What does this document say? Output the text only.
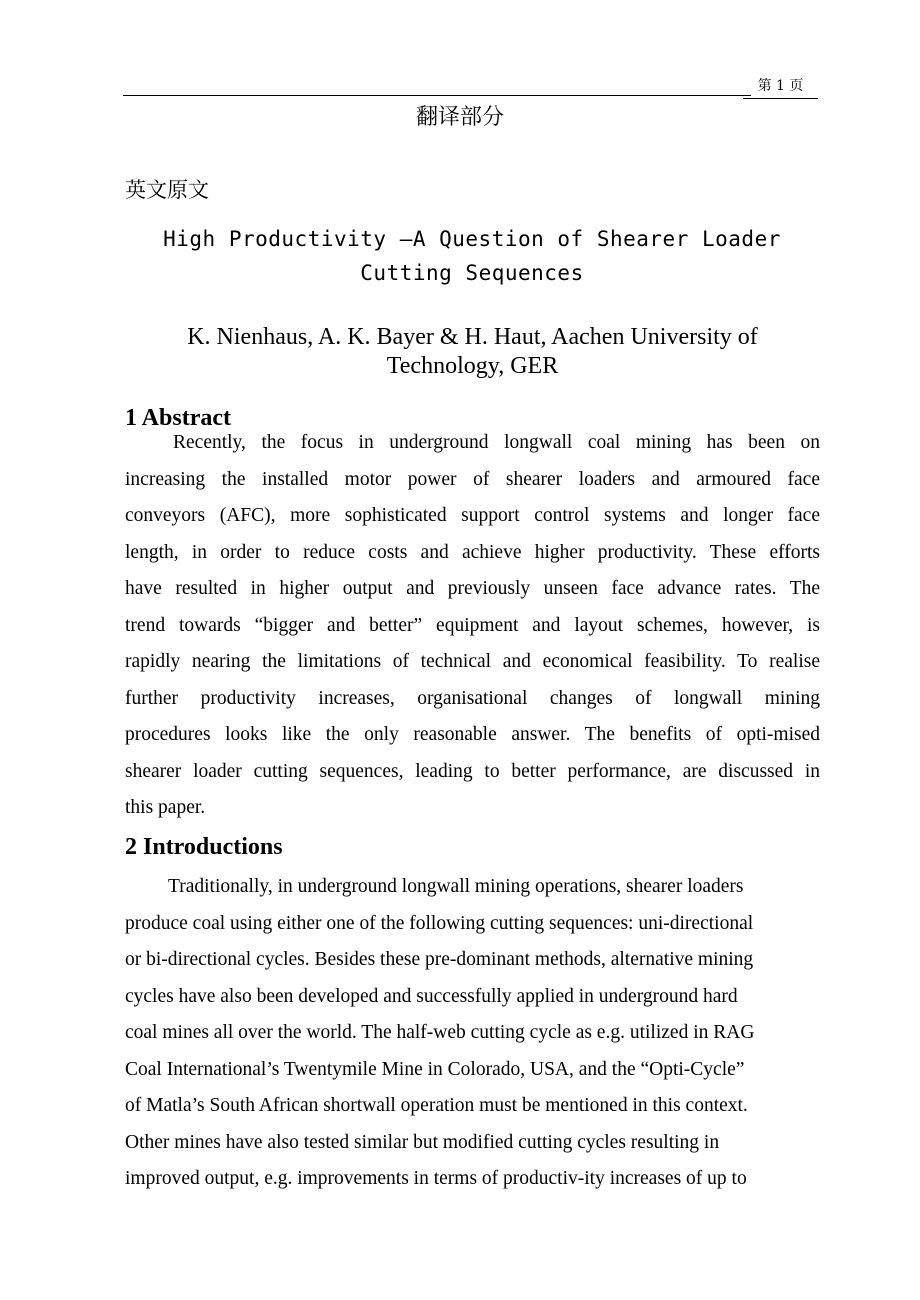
第 1 页
翻译部分
英文原文
High Productivity —A Question of Shearer Loader
Cutting Sequences
K. Nienhaus, A. K. Bayer & H. Haut, Aachen University of
Technology, GER
1 Abstract
Recently, the focus in underground longwall coal mining has been on
increasing the installed motor power of shearer loaders and armoured face
conveyors (AFC), more sophisticated support control systems and longer face
length, in order to reduce costs and achieve higher productivity. These efforts
have resulted in higher output and previously unseen face advance rates. The
trend towards “bigger and better” equipment and layout schemes, however, is
rapidly nearing the limitations of technical and economical feasibility. To realise
further productivity increases, organisational changes of longwall mining
procedures looks like the only reasonable answer. The benefits of opti-mised
shearer loader cutting sequences, leading to better performance, are discussed in
this paper.
2 Introductions
Traditionally, in underground longwall mining operations, shearer loaders
produce coal using either one of the following cutting sequences: uni-directional
or bi-directional cycles. Besides these pre-dominant methods, alternative mining
cycles have also been developed and successfully applied in underground hard
coal mines all over the world. The half-web cutting cycle as e.g. utilized in RAG
Coal International’s Twentymile Mine in Colorado, USA, and the “Opti-Cycle”
of Matla’s South African shortwall operation must be mentioned in this context.
Other mines have also tested similar but modified cutting cycles resulting in
improved output, e.g. improvements in terms of productiv-ity increases of up to
